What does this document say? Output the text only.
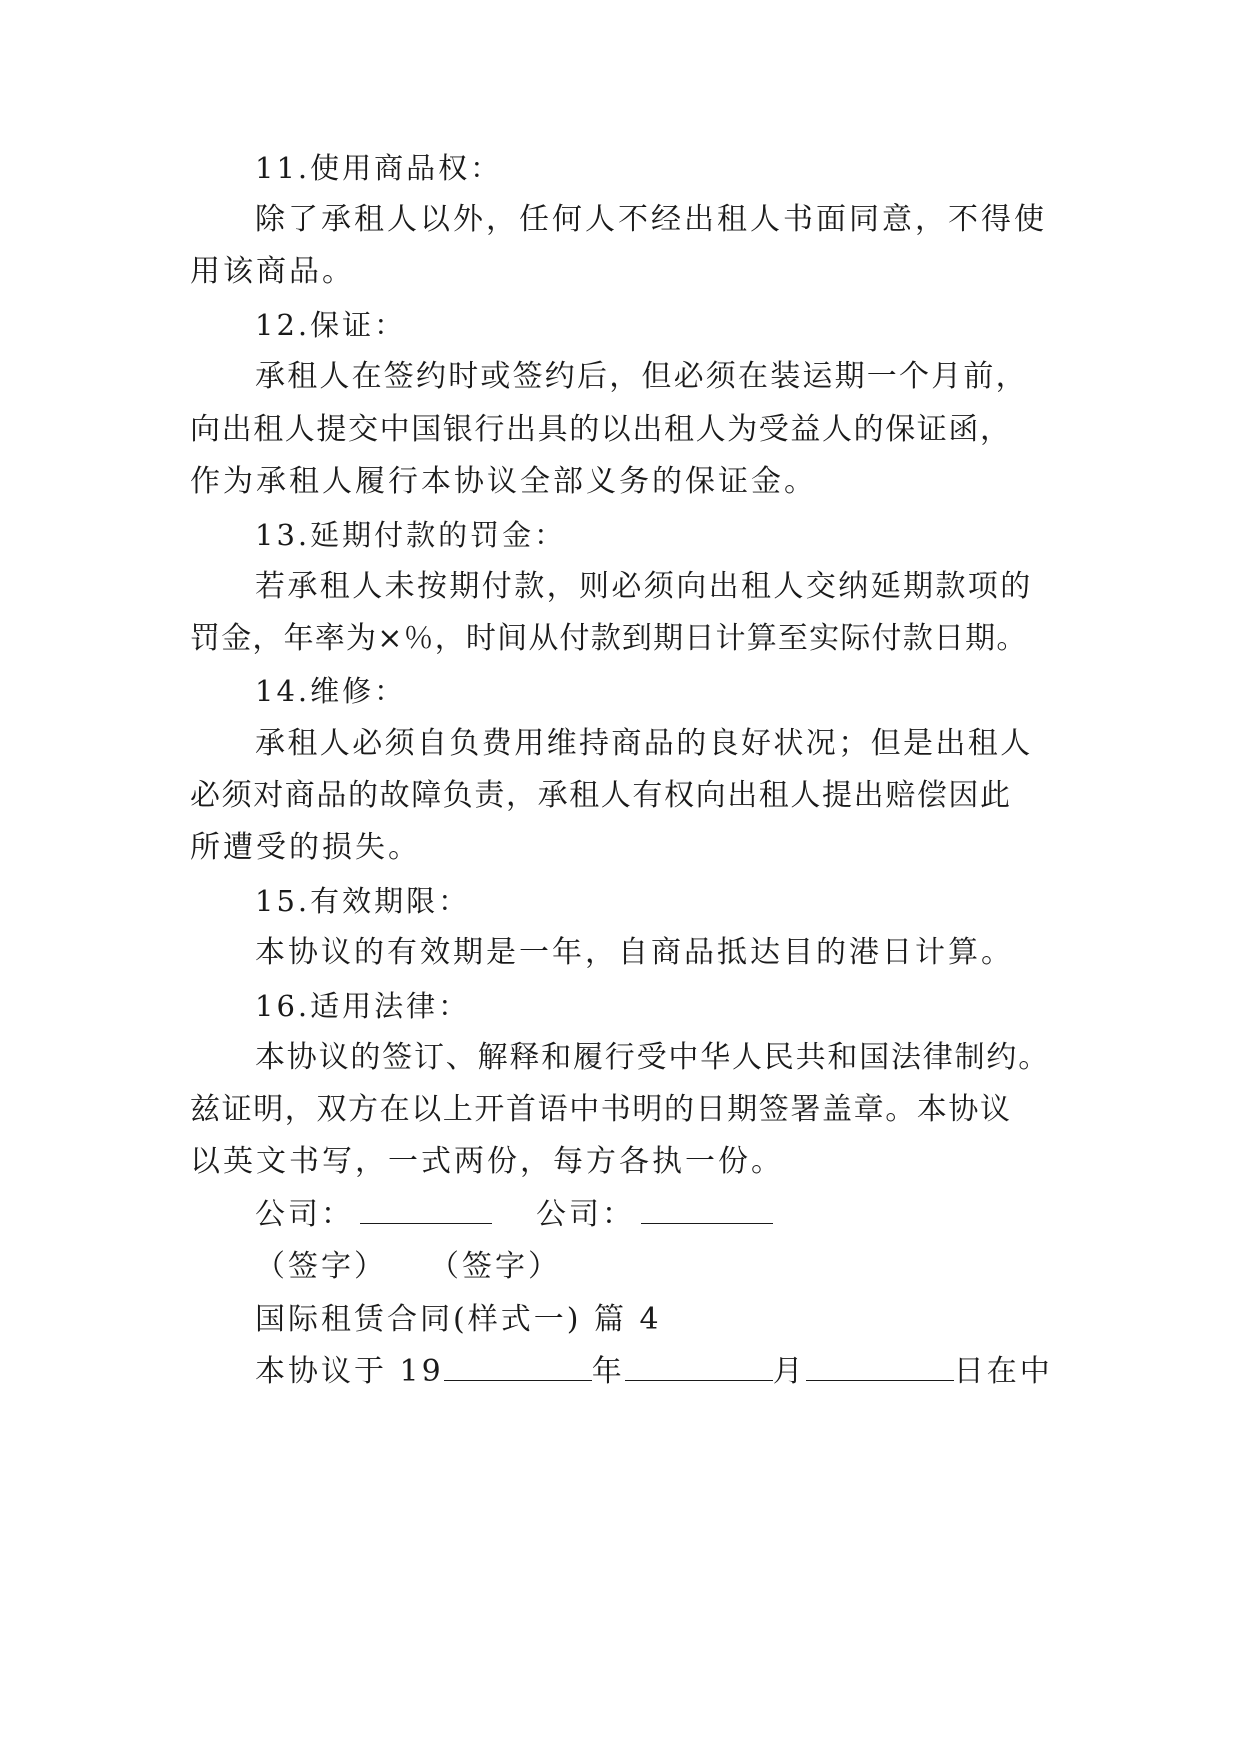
11.使用商品权：
除了承租人以外，任何人不经出租人书面同意，不得使
用该商品。
12.保证：
承租人在签约时或签约后，但必须在装运期一个月前，
向出租人提交中国银行出具的以出租人为受益人的保证函，
作为承租人履行本协议全部义务的保证金。
13.延期付款的罚金：
若承租人未按期付款，则必须向出租人交纳延期款项的
罚金，年率为×％，时间从付款到期日计算至实际付款日期。
14.维修：
承租人必须自负费用维持商品的良好状况；但是出租人
必须对商品的故障负责，承租人有权向出租人提出赔偿因此
所遭受的损失。
15.有效期限：
本协议的有效期是一年，自商品抵达目的港日计算。
16.适用法律：
本协议的签订、解释和履行受中华人民共和国法律制约。
兹证明，双方在以上开首语中书明的日期签署盖章。本协议
以英文书写，一式两份，每方各执一份。
公司：	公司：
（签字） （签字）
国际租赁合同(样式一) 篇 4
本协议于 19	年	月	日在中
